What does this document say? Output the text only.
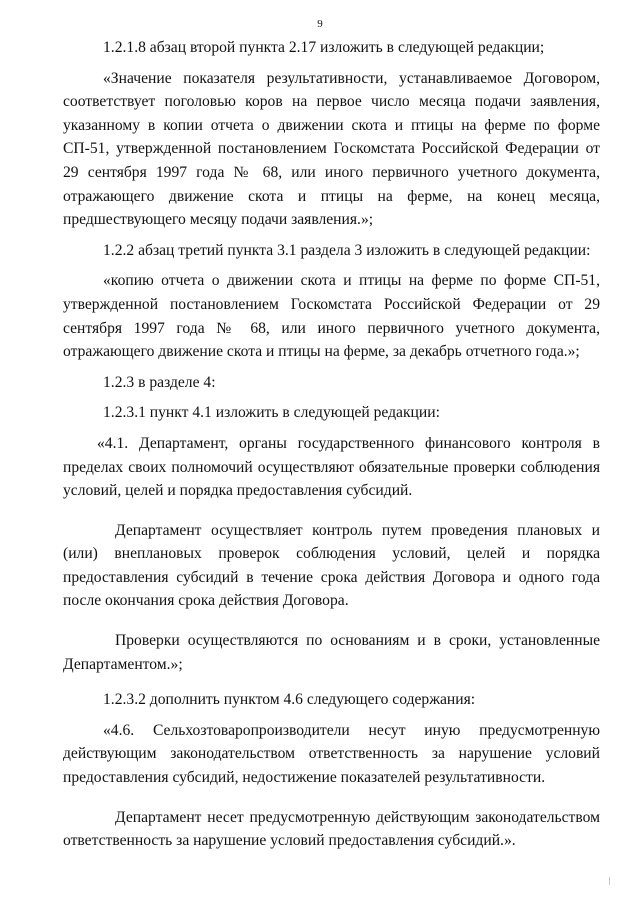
9

1.2.1.8 абзац второй пункта 2.17 изложить в следующей редакции;

«Значение показателя результативности, устанавливаемое Договором, соответствует поголовью коров на первое число месяца подачи заявления, указанному в копии отчета о движении скота и птицы на ферме по форме СП-51, утвержденной постановлением Госкомстата Российской Федерации от 29 сентября 1997 года № 68, или иного первичного учетного документа, отражающего движение скота и птицы на ферме, на конец месяца, предшествующего месяцу подачи заявления.»;

1.2.2 абзац третий пункта 3.1 раздела 3 изложить в следующей редакции:

«копию отчета о движении скота и птицы на ферме по форме СП-51, утвержденной постановлением Госкомстата Российской Федерации от 29 сентября 1997 года № 68, или иного первичного учетного документа, отражающего движение скота и птицы на ферме, за декабрь отчетного года.»;

1.2.3 в разделе 4:

1.2.3.1 пункт 4.1 изложить в следующей редакции:

«4.1. Департамент, органы государственного финансового контроля в пределах своих полномочий осуществляют обязательные проверки соблюдения условий, целей и порядка предоставления субсидий.

Департамент осуществляет контроль путем проведения плановых и (или) внеплановых проверок соблюдения условий, целей и порядка предоставления субсидий в течение срока действия Договора и одного года после окончания срока действия Договора.

Проверки осуществляются по основаниям и в сроки, установленные Департаментом.»;

1.2.3.2 дополнить пунктом 4.6 следующего содержания:

«4.6. Сельхозтоваропроизводители несут иную предусмотренную действующим законодательством ответственность за нарушение условий предоставления субсидий, недостижение показателей результативности.

Департамент несет предусмотренную действующим законодательством ответственность за нарушение условий предоставления субсидий.».
